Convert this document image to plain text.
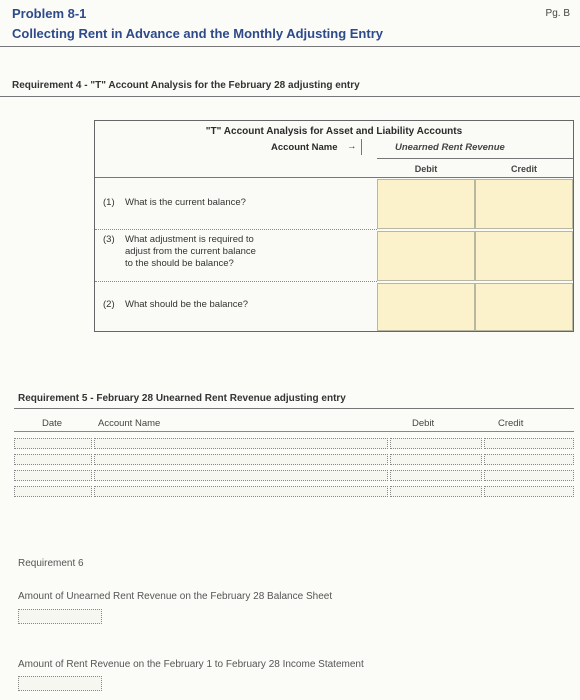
Problem 8-1	Pg. B
Collecting Rent in Advance and the Monthly Adjusting Entry
Requirement 4 - "T" Account Analysis for the February 28 adjusting entry
"T" Account Analysis for Asset and Liability Accounts
Account Name →	Unearned Rent Revenue
Debit	Credit
(1) What is the current balance?
(3) What adjustment is required to
adjust from the current balance
to the should be balance?
(2) What should be the balance?
Requirement 5 - February 28 Unearned Rent Revenue adjusting entry
Date	Account Name	Debit	Credit
Requirement 6
Amount of Unearned Rent Revenue on the February 28 Balance Sheet
Amount of Rent Revenue on the February 1 to February 28 Income Statement
